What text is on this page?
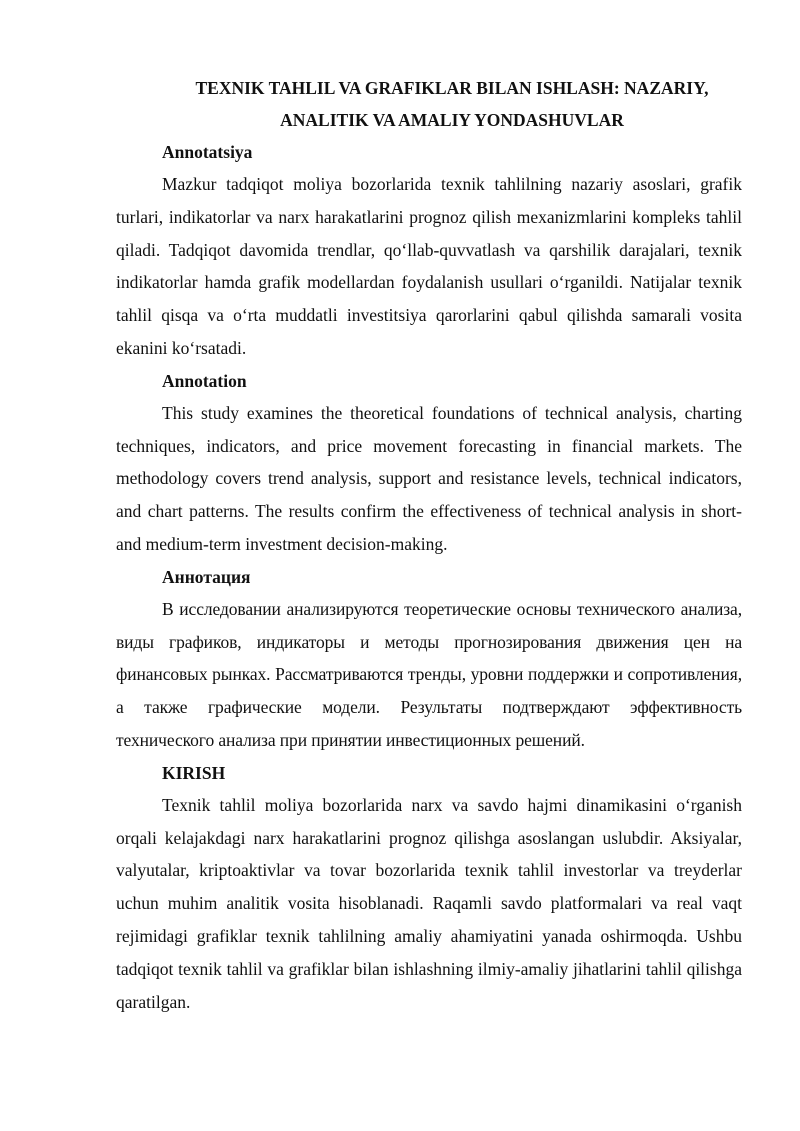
TEXNIK TAHLIL VA GRAFIKLAR BILAN ISHLASH: NAZARIY, ANALITIK VA AMALIY YONDASHUVLAR
Annotatsiya

Mazkur tadqiqot moliya bozorlarida texnik tahlilning nazariy asoslari, grafik turlari, indikatorlar va narx harakatlarini prognoz qilish mexanizmlarini kompleks tahlil qiladi. Tadqiqot davomida trendlar, qo‘llab-quvvatlash va qarshilik darajalari, texnik indikatorlar hamda grafik modellardan foydalanish usullari o‘rganildi. Natijalar texnik tahlil qisqa va o‘rta muddatli investitsiya qarorlarini qabul qilishda samarali vosita ekanini ko‘rsatadi.

Annotation

This study examines the theoretical foundations of technical analysis, charting techniques, indicators, and price movement forecasting in financial markets. The methodology covers trend analysis, support and resistance levels, technical indicators, and chart patterns. The results confirm the effectiveness of technical analysis in short- and medium-term investment decision-making.

Аннотация

В исследовании анализируются теоретические основы технического анализа, виды графиков, индикаторы и методы прогнозирования движения цен на финансовых рынках. Рассматриваются тренды, уровни поддержки и сопротивления, а также графические модели. Результаты подтверждают эффективность технического анализа при принятии инвестиционных решений.

KIRISH

Texnik tahlil moliya bozorlarida narx va savdo hajmi dinamikasini o‘rganish orqali kelajakdagi narx harakatlarini prognoz qilishga asoslangan uslubdir. Aksiyalar, valyutalar, kriptoaktivlar va tovar bozorlarida texnik tahlil investorlar va treyderlar uchun muhim analitik vosita hisoblanadi. Raqamli savdo platformalari va real vaqt rejimidagi grafiklar texnik tahlilning amaliy ahamiyatini yanada oshirmoqda. Ushbu tadqiqot texnik tahlil va grafiklar bilan ishlashning ilmiy-amaliy jihatlarini tahlil qilishga qaratilgan.
